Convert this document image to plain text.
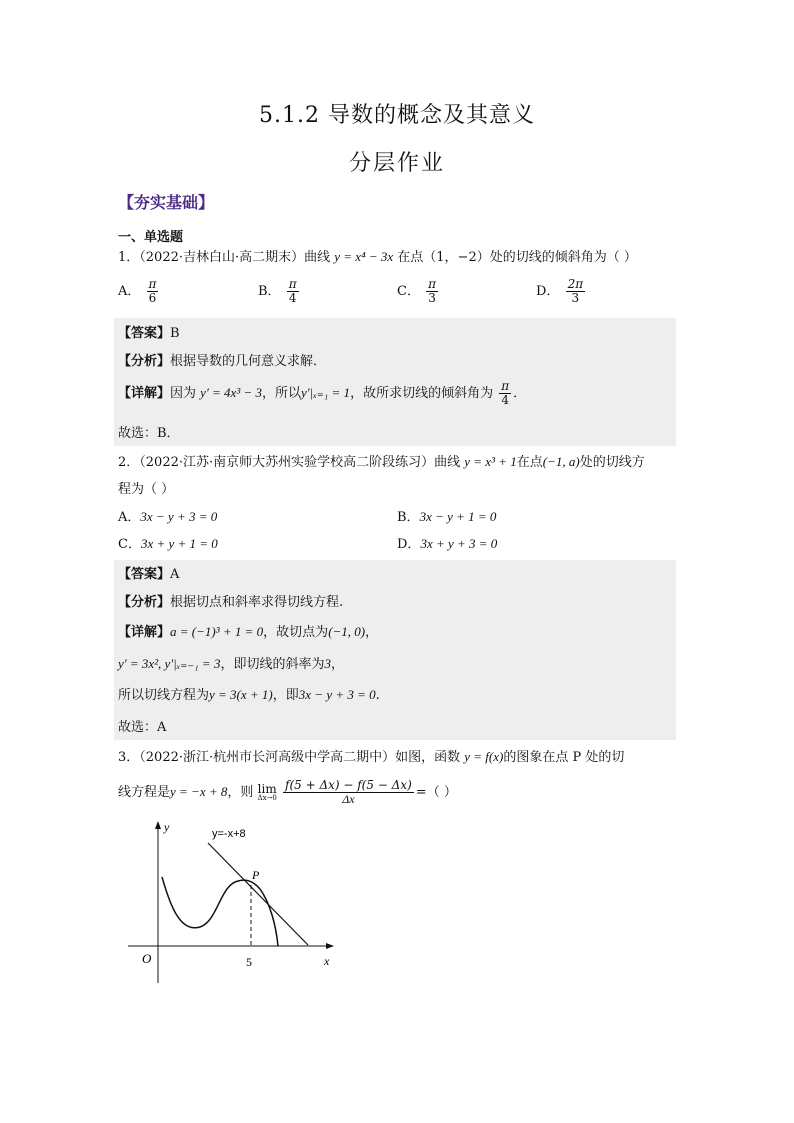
5.1.2 导数的概念及其意义
分层作业
【夯实基础】
一、单选题
1．（2022·吉林白山·高二期末）曲线 y = x⁴ − 3x 在点（1，−2）处的切线的倾斜角为（ ）
A． $\frac{\pi}{6}$	B． $\frac{\pi}{4}$	C． $\frac{\pi}{3}$	D． $\frac{2\pi}{3}$
【答案】B
【分析】根据导数的几何意义求解．
【详解】因为 y′ = 4x³ − 3，所以y′|ₓ₌₁ = 1，故所求切线的倾斜角为 $\frac{\pi}{4}$ ．
故选：B．
2．（2022·江苏·南京师大苏州实验学校高二阶段练习）曲线 y = x³ + 1在点(−1, a)处的切线方
程为（ ）
A．3x − y + 3 = 0	B．3x − y + 1 = 0
C．3x + y + 1 = 0	D．3x + y + 3 = 0
【答案】A
【分析】根据切点和斜率求得切线方程.
【详解】a = (−1)³ + 1 = 0，故切点为(−1, 0)，
y′ = 3x², y′|ₓ₌₋₁ = 3，即切线的斜率为3，
所以切线方程为y = 3(x + 1)，即3x − y + 3 = 0.
故选：A
3．（2022·浙江·杭州市长河高级中学高二期中）如图，函数 y = f(x)的图象在点 P 处的切
线方程是y = −x + 8，则 lim
Δx→0
$\frac{f(5 + \Delta x) - f(5 - \Delta x)}{\Delta x}$ =（ ）
y
x
O
y=-x+8
P
5
